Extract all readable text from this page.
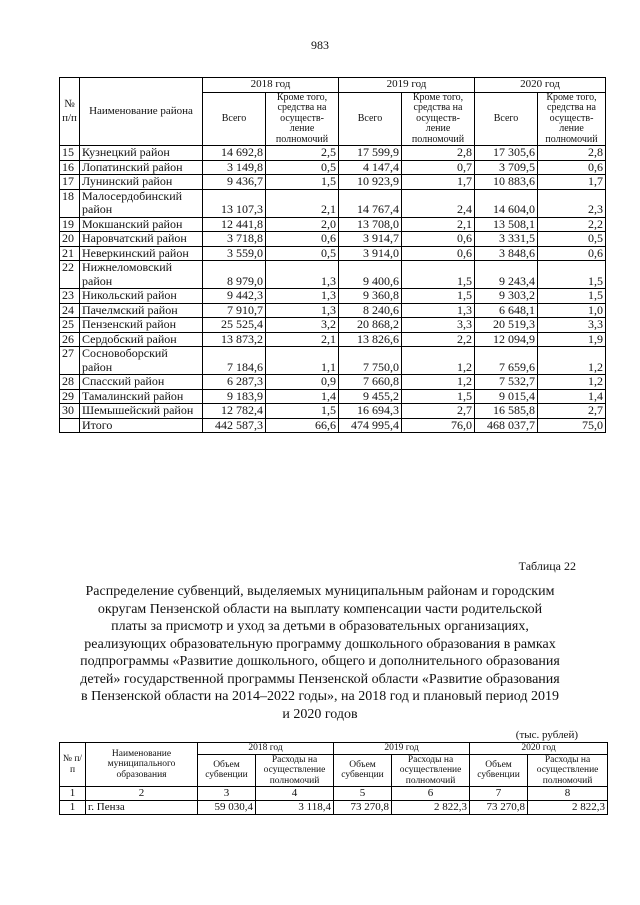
983
№ п/п	Наименование района	2018 год		2019 год		2020 год	
		Всего	Кроме того, средства на осуществ- ление полномочий	Всего	Кроме того, средства на осуществ- ление полномочий	Всего	Кроме того, средства на осуществ- ление полномочий
15	Кузнецкий район	14 692,8	2,5	17 599,9	2,8	17 305,6	2,8
16	Лопатинский район	3 149,8	0,5	4 147,4	0,7	3 709,5	0,6
17	Лунинский район	9 436,7	1,5	10 923,9	1,7	10 883,6	1,7
18	Малосердобинский район	13 107,3	2,1	14 767,4	2,4	14 604,0	2,3
19	Мокшанский район	12 441,8	2,0	13 708,0	2,1	13 508,1	2,2
20	Наровчатский район	3 718,8	0,6	3 914,7	0,6	3 331,5	0,5
21	Неверкинский район	3 559,0	0,5	3 914,0	0,6	3 848,6	0,6
22	Нижнеломовский район	8 979,0	1,3	9 400,6	1,5	9 243,4	1,5
23	Никольский район	9 442,3	1,3	9 360,8	1,5	9 303,2	1,5
24	Пачелмский район	7 910,7	1,3	8 240,6	1,3	6 648,1	1,0
25	Пензенский район	25 525,4	3,2	20 868,2	3,3	20 519,3	3,3
26	Сердобский район	13 873,2	2,1	13 826,6	2,2	12 094,9	1,9
27	Сосновоборский район	7 184,6	1,1	7 750,0	1,2	7 659,6	1,2
28	Спасский район	6 287,3	0,9	7 660,8	1,2	7 532,7	1,2
29	Тамалинский район	9 183,9	1,4	9 455,2	1,5	9 015,4	1,4
30	Шемышейский район	12 782,4	1,5	16 694,3	2,7	16 585,8	2,7
	Итого	442 587,3	66,6	474 995,4	76,0	468 037,7	75,0
Таблица 22
Распределение субвенций, выделяемых муниципальным районам и городским округам Пензенской области на выплату компенсации части родительской платы за присмотр и уход за детьми в образовательных организациях, реализующих образовательную программу дошкольного образования в рамках подпрограммы «Развитие дошкольного, общего и дополнительного образования детей» государственной программы Пензенской области «Развитие образования в Пензенской области на 2014–2022 годы», на 2018 год и плановый период 2019 и 2020 годов
(тыс. рублей)
№ п/п	Наименование муниципального образования	2018 год		2019 год		2020 год	
		Объем субвенции	Расходы на осуществление полномочий	Объем субвенции	Расходы на осуществление полномочий	Объем субвенции	Расходы на осуществление полномочий
1	2	3	4	5	6	7	8
1	г. Пенза	59 030,4	3 118,4	73 270,8	2 822,3	73 270,8	2 822,3
